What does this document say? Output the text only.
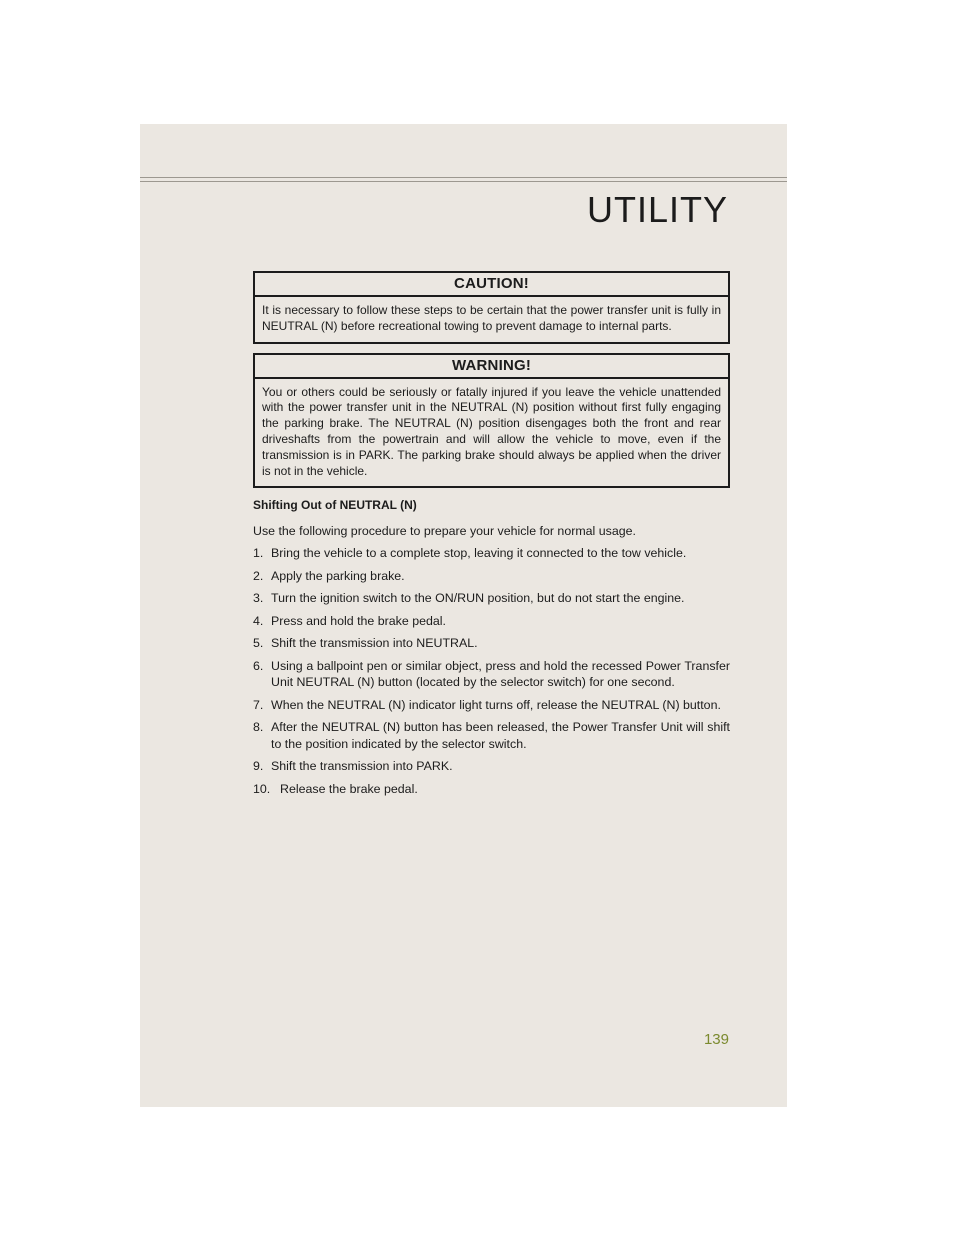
UTILITY
CAUTION!
It is necessary to follow these steps to be certain that the power transfer unit is fully in NEUTRAL (N) before recreational towing to prevent damage to internal parts.
WARNING!
You or others could be seriously or fatally injured if you leave the vehicle unattended with the power transfer unit in the NEUTRAL (N) position without first fully engaging the parking brake. The NEUTRAL (N) position disengages both the front and rear driveshafts from the powertrain and will allow the vehicle to move, even if the transmission is in PARK. The parking brake should always be applied when the driver is not in the vehicle.
Shifting Out of NEUTRAL (N)
Use the following procedure to prepare your vehicle for normal usage.
1. Bring the vehicle to a complete stop, leaving it connected to the tow vehicle.
2. Apply the parking brake.
3. Turn the ignition switch to the ON/RUN position, but do not start the engine.
4. Press and hold the brake pedal.
5. Shift the transmission into NEUTRAL.
6. Using a ballpoint pen or similar object, press and hold the recessed Power Transfer Unit NEUTRAL (N) button (located by the selector switch) for one second.
7. When the NEUTRAL (N) indicator light turns off, release the NEUTRAL (N) button.
8. After the NEUTRAL (N) button has been released, the Power Transfer Unit will shift to the position indicated by the selector switch.
9. Shift the transmission into PARK.
10. Release the brake pedal.
139
